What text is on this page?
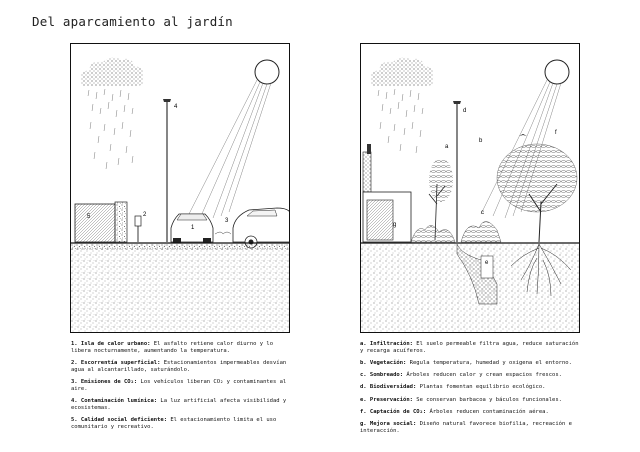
Del aparcamiento al jardín
4
5	2
1
3
g
d
a
b
c
f
e
1. Isla de calor urbano: El asfalto retiene calor diurno y lo libera nocturnamente, aumentando la temperatura.
2. Escorrentía superficial: Estacionamientos impermeables desvían agua al alcantarillado, saturándolo.
3. Emisiones de CO₂: Los vehículos liberan CO₂ y contaminantes al aire.
4. Contaminación lumínica: La luz artificial afecta visibilidad y ecosistemas.
5. Calidad social deficiente: El estacionamiento limita el uso comunitario y recreativo.
a. Infiltración: El suelo permeable filtra agua, reduce saturación y recarga acuíferos.
b. Vegetación: Regula temperatura, humedad y oxigena el entorno.
c. Sombreado: Árboles reducen calor y crean espacios frescos.
d. Biodiversidad: Plantas fomentan equilibrio ecológico.
e. Preservación: Se conservan barbacoa y báculos funcionales.
f. Captación de CO₂: Árboles reducen contaminación aérea.
g. Mejora social: Diseño natural favorece biofilia, recreación e interacción.
